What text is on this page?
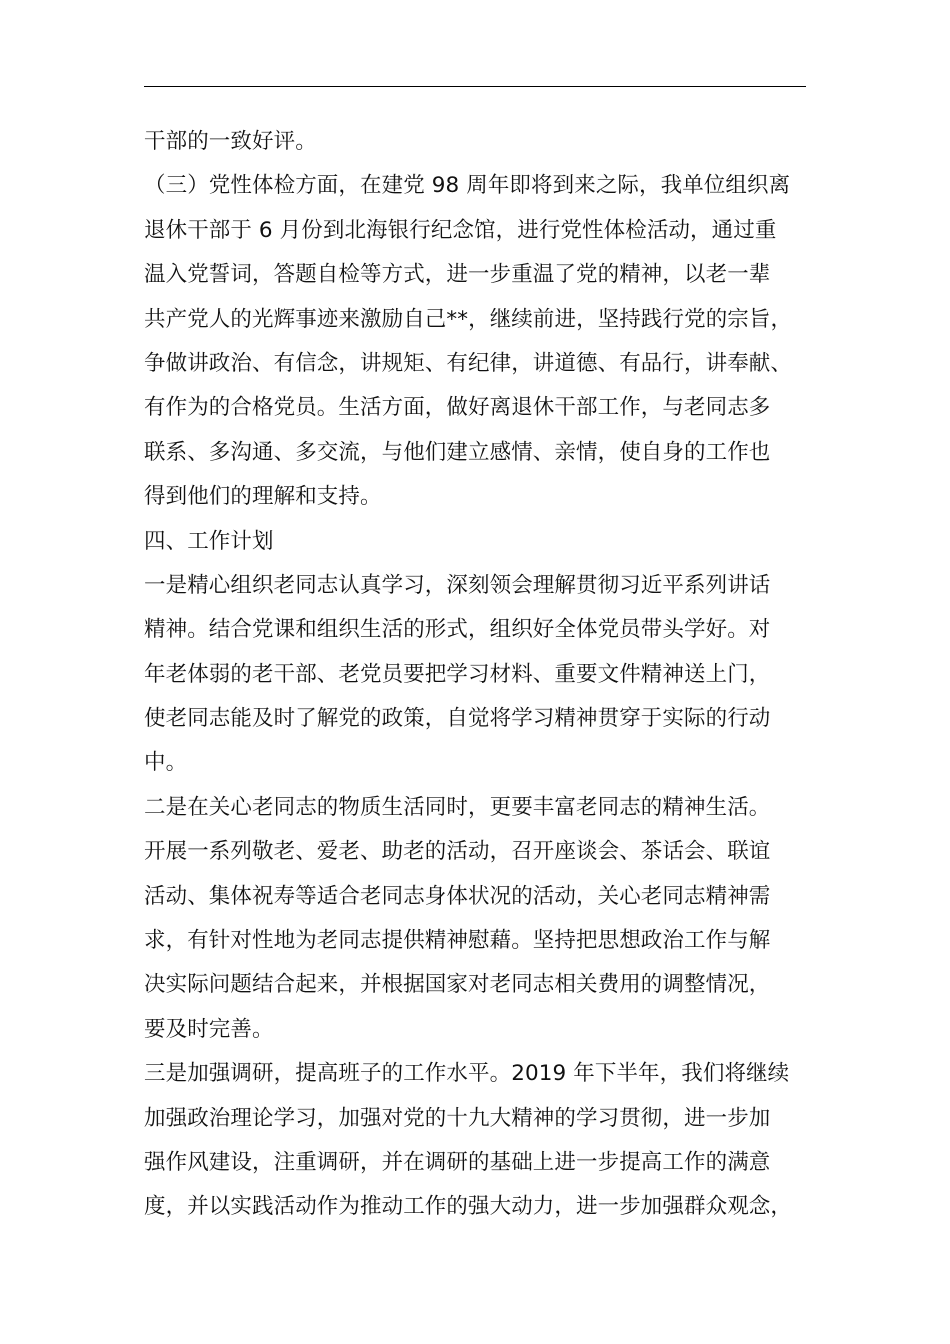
干部的一致好评。
（三）党性体检方面，在建党 98 周年即将到来之际，我单位组织离
退休干部于 6 月份到北海银行纪念馆，进行党性体检活动，通过重
温入党誓词，答题自检等方式，进一步重温了党的精神，以老一辈
共产党人的光辉事迹来激励自己**，继续前进，坚持践行党的宗旨，
争做讲政治、有信念，讲规矩、有纪律，讲道德、有品行，讲奉献、
有作为的合格党员。生活方面，做好离退休干部工作，与老同志多
联系、多沟通、多交流，与他们建立感情、亲情，使自身的工作也
得到他们的理解和支持。
四、工作计划
一是精心组织老同志认真学习，深刻领会理解贯彻习近平系列讲话
精神。结合党课和组织生活的形式，组织好全体党员带头学好。对
年老体弱的老干部、老党员要把学习材料、重要文件精神送上门，
使老同志能及时了解党的政策，自觉将学习精神贯穿于实际的行动
中。
二是在关心老同志的物质生活同时，更要丰富老同志的精神生活。
开展一系列敬老、爱老、助老的活动，召开座谈会、茶话会、联谊
活动、集体祝寿等适合老同志身体状况的活动，关心老同志精神需
求，有针对性地为老同志提供精神慰藉。坚持把思想政治工作与解
决实际问题结合起来，并根据国家对老同志相关费用的调整情况，
要及时完善。
三是加强调研，提高班子的工作水平。2019 年下半年，我们将继续
加强政治理论学习，加强对党的十九大精神的学习贯彻，进一步加
强作风建设，注重调研，并在调研的基础上进一步提高工作的满意
度，并以实践活动作为推动工作的强大动力，进一步加强群众观念，
